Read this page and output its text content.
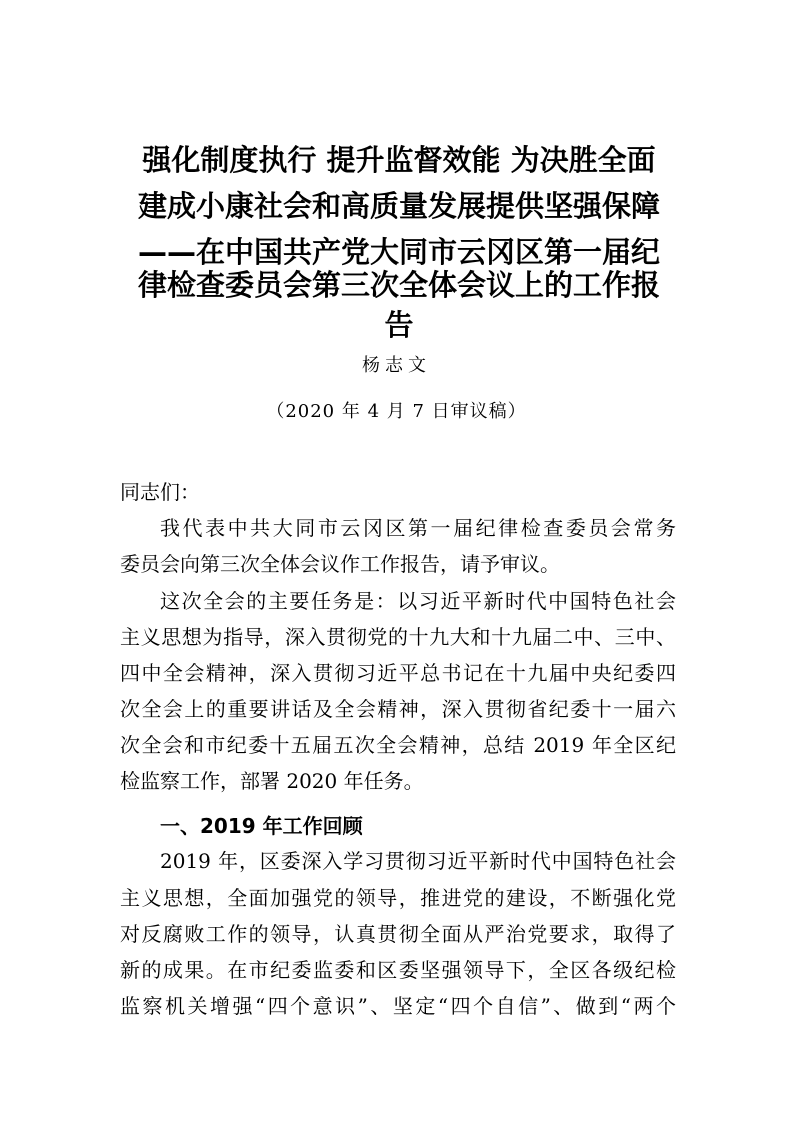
强化制度执行 提升监督效能 为决胜全面
建成小康社会和高质量发展提供坚强保障
——在中国共产党大同市云冈区第一届纪
律检查委员会第三次全体会议上的工作报
告
杨志文
（2020 年 4 月 7 日审议稿）
同志们：
我代表中共大同市云冈区第一届纪律检查委员会常务
委员会向第三次全体会议作工作报告，请予审议。
这次全会的主要任务是：以习近平新时代中国特色社会
主义思想为指导，深入贯彻党的十九大和十九届二中、三中、
四中全会精神，深入贯彻习近平总书记在十九届中央纪委四
次全会上的重要讲话及全会精神，深入贯彻省纪委十一届六
次全会和市纪委十五届五次全会精神，总结 2019 年全区纪
检监察工作，部署 2020 年任务。
一、2019 年工作回顾
2019 年，区委深入学习贯彻习近平新时代中国特色社会
主义思想，全面加强党的领导，推进党的建设，不断强化党
对反腐败工作的领导，认真贯彻全面从严治党要求，取得了
新的成果。在市纪委监委和区委坚强领导下，全区各级纪检
监察机关增强“四个意识”、坚定“四个自信”、做到“两个
